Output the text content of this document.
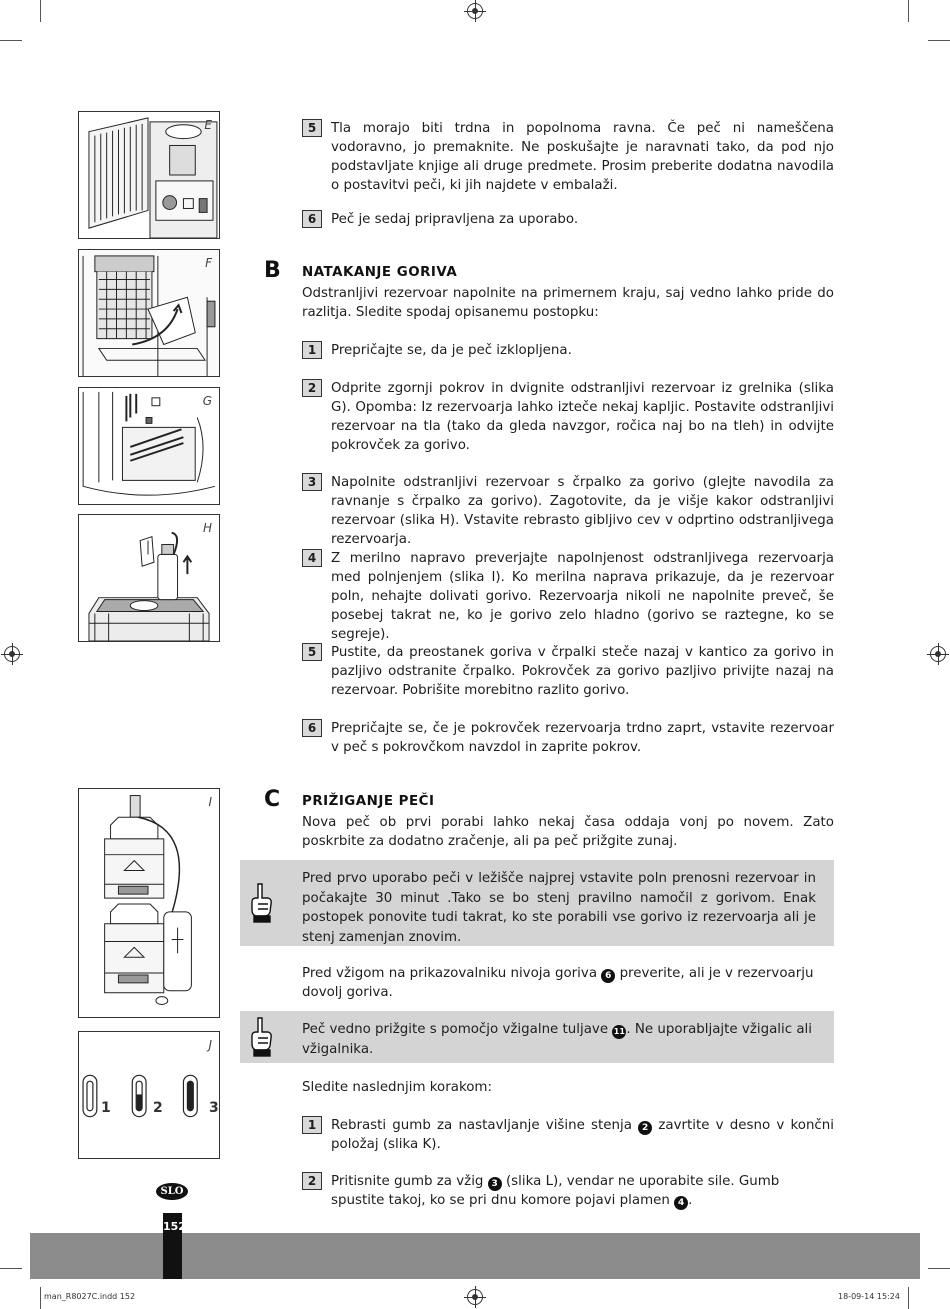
E
F
G
H
I
J
1	2	3
5	Tla morajo biti trdna in popolnoma ravna. Če peč ni nameščena vodoravno, jo premaknite. Ne poskušajte je naravnati tako, da pod njo podstavljate knjige ali druge predmete. Prosim preberite dodatna navodila o postavitvi peči, ki jih najdete v embalaži.
6	Peč je sedaj pripravljena za uporabo.
B NATAKANJE GORIVA
Odstranljivi rezervoar napolnite na primernem kraju, saj vedno lahko pride do razlitja. Sledite spodaj opisanemu postopku:
1	Prepričajte se, da je peč izklopljena.
2	Odprite zgornji pokrov in dvignite odstranljivi rezervoar iz grelnika (slika G). Opomba: Iz rezervoarja lahko izteče nekaj kapljic. Postavite odstranljivi rezervoar na tla (tako da gleda navzgor, ročica naj bo na tleh) in odvijte pokrovček za gorivo.
3	Napolnite odstranljivi rezervoar s črpalko za gorivo (glejte navodila za ravnanje s črpalko za gorivo). Zagotovite, da je višje kakor odstranljivi rezervoar (slika H). Vstavite rebrasto gibljivo cev v odprtino odstranljivega rezervoarja.
4	Z merilno napravo preverjajte napolnjenost odstranljivega rezervoarja med polnjenjem (slika I). Ko merilna naprava prikazuje, da je rezervoar poln, nehajte dolivati gorivo. Rezervoarja nikoli ne napolnite preveč, še posebej takrat ne, ko je gorivo zelo hladno (gorivo se raztegne, ko se segreje).
5	Pustite, da preostanek goriva v črpalki steče nazaj v kantico za gorivo in pazljivo odstranite črpalko. Pokrovček za gorivo pazljivo privijte nazaj na rezervoar. Pobrišite morebitno razlito gorivo.
6	Prepričajte se, če je pokrovček rezervoarja trdno zaprt, vstavite rezervoar v peč s pokrovčkom navzdol in zaprite pokrov.
C PRIŽIGANJE PEČI
Nova peč ob prvi porabi lahko nekaj časa oddaja vonj po novem. Zato poskrbite za dodatno zračenje, ali pa peč prižgite zunaj.
Pred prvo uporabo peči v ležišče najprej vstavite poln prenosni rezervoar in počakajte 30 minut .Tako se bo stenj pravilno namočil z gorivom. Enak postopek ponovite tudi takrat, ko ste porabili vse gorivo iz rezervoarja ali je stenj zamenjan znovim.
Pred vžigom na prikazovalniku nivoja goriva 6 preverite, ali je v rezervoarju dovolj goriva.
Peč vedno prižgite s pomočjo vžigalne tuljave 11. Ne uporabljajte vžigalic ali vžigalnika.
Sledite naslednjim korakom:
1	Rebrasti gumb za nastavljanje višine stenja 2 zavrtite v desno v končni položaj (slika K).
2	Pritisnite gumb za vžig 3 (slika L), vendar ne uporabite sile. Gumb spustite takoj, ko se pri dnu komore pojavi plamen 4 .
SLO
152
man_R8027C.indd 152	18-09-14 15:24
